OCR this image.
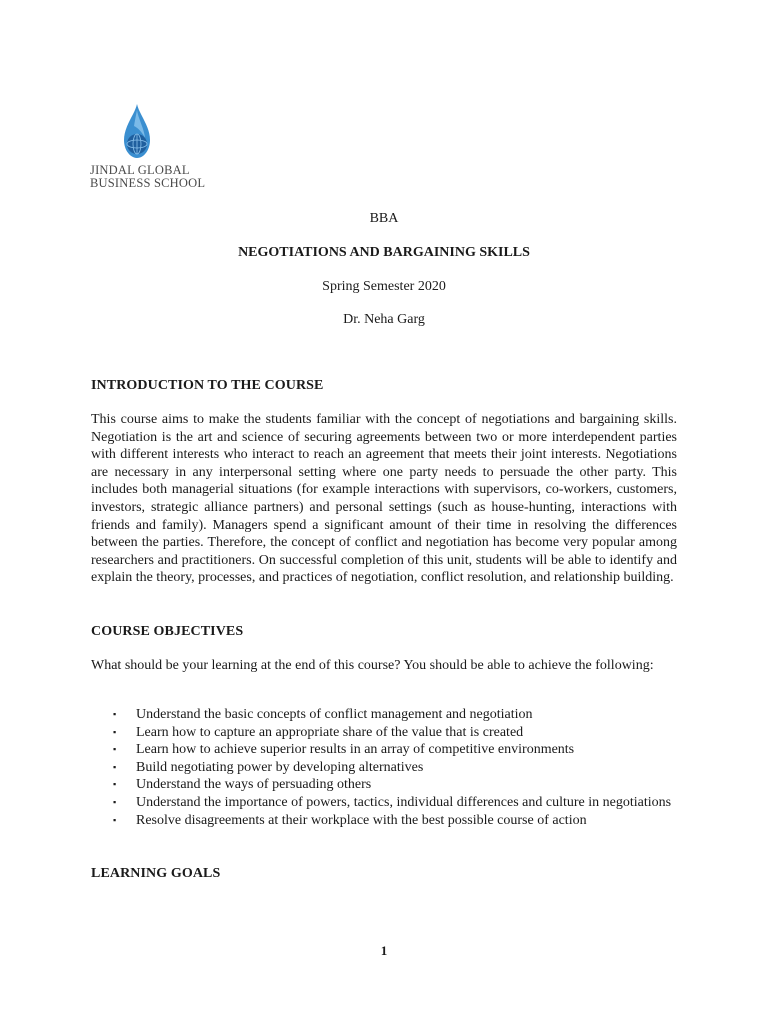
JINDAL GLOBAL
BUSINESS SCHOOL
BBA
NEGOTIATIONS AND BARGAINING SKILLS
Spring Semester 2020
Dr. Neha Garg
INTRODUCTION TO THE COURSE
This course aims to make the students familiar with the concept of negotiations and bargaining skills. Negotiation is the art and science of securing agreements between two or more interdependent parties with different interests who interact to reach an agreement that meets their joint interests. Negotiations are necessary in any interpersonal setting where one party needs to persuade the other party. This includes both managerial situations (for example interactions with supervisors, co-workers, customers, investors, strategic alliance partners) and personal settings (such as house-hunting, interactions with friends and family). Managers spend a significant amount of their time in resolving the differences between the parties. Therefore, the concept of conflict and negotiation has become very popular among researchers and practitioners. On successful completion of this unit, students will be able to identify and explain the theory, processes, and practices of negotiation, conflict resolution, and relationship building.
COURSE OBJECTIVES
What should be your learning at the end of this course? You should be able to achieve the following:
▪ Understand the basic concepts of conflict management and negotiation
▪ Learn how to capture an appropriate share of the value that is created
▪ Learn how to achieve superior results in an array of competitive environments
▪ Build negotiating power by developing alternatives
▪ Understand the ways of persuading others
▪ Understand the importance of powers, tactics, individual differences and culture in negotiations
▪ Resolve disagreements at their workplace with the best possible course of action
LEARNING GOALS
1
